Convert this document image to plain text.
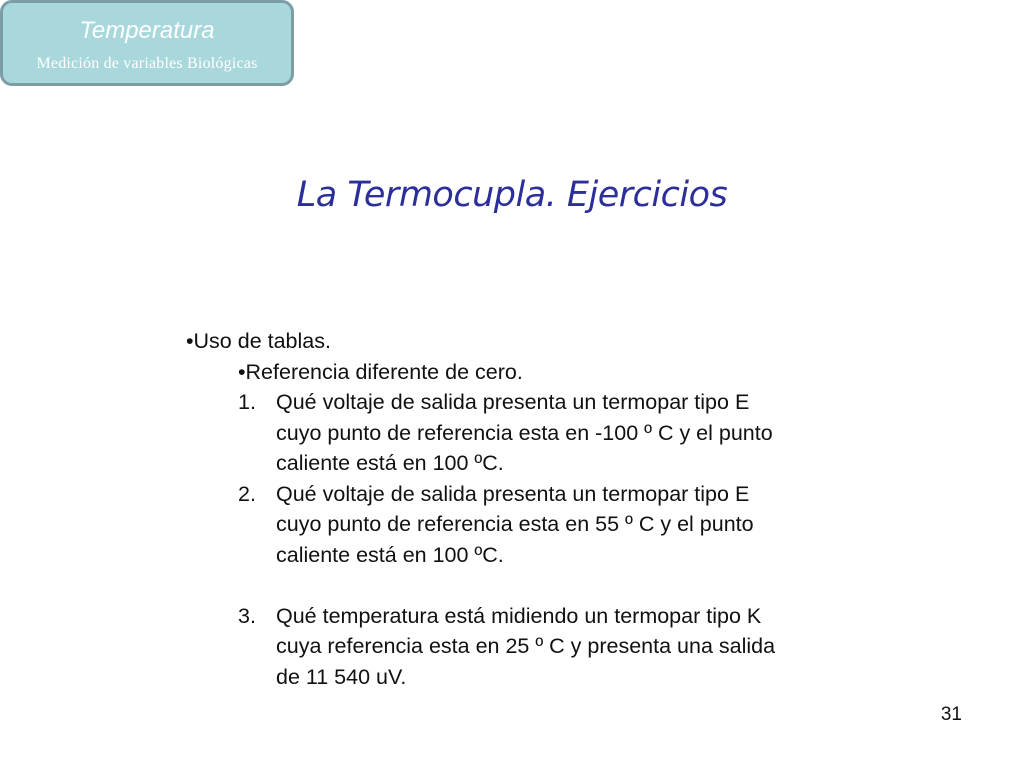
Temperatura
Medición de variables Biológicas
La Termocupla. Ejercicios
•Uso de tablas.
•Referencia diferente de cero.
1. Qué voltaje de salida presenta un termopar tipo E
cuyo punto de referencia esta en -100 º C y el punto
caliente está en 100 ºC.
2. Qué voltaje de salida presenta un termopar tipo E
cuyo punto de referencia esta en 55 º C y el punto
caliente está en 100 ºC.
3. Qué temperatura está midiendo un termopar tipo K
cuya referencia esta en 25 º C y presenta una salida
de 11 540 uV.
31
